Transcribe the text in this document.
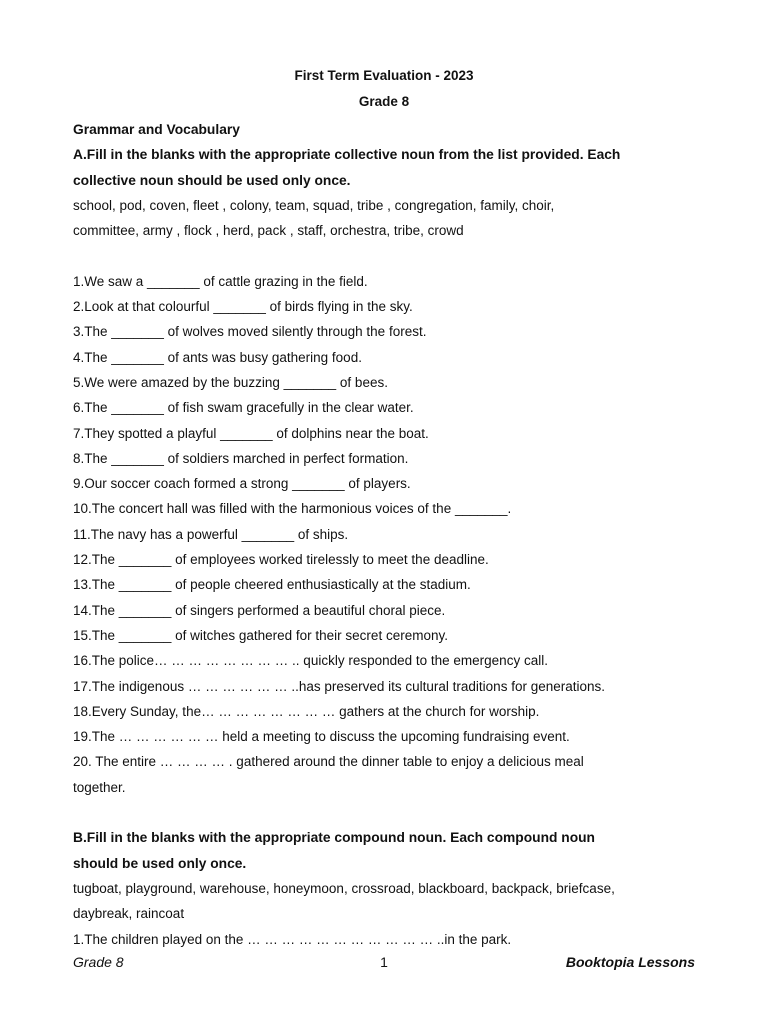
First Term Evaluation - 2023
Grade 8

Grammar and Vocabulary

A.Fill in the blanks with the appropriate collective noun from the list provided. Each

collective noun should be used only once.

school, pod, coven, fleet , colony, team, squad, tribe , congregation, family, choir,

committee, army , flock , herd, pack , staff, orchestra, tribe, crowd

1.We saw a _______ of cattle grazing in the field.

2.Look at that colourful _______ of birds flying in the sky.

3.The _______ of wolves moved silently through the forest.

4.The _______ of ants was busy gathering food.

5.We were amazed by the buzzing _______ of bees.

6.The _______ of fish swam gracefully in the clear water.

7.They spotted a playful _______ of dolphins near the boat.

8.The _______ of soldiers marched in perfect formation.

9.Our soccer coach formed a strong _______ of players.

10.The concert hall was filled with the harmonious voices of the _______.

11.The navy has a powerful _______ of ships.

12.The _______ of employees worked tirelessly to meet the deadline.

13.The _______ of people cheered enthusiastically at the stadium.

14.The _______ of singers performed a beautiful choral piece.

15.The _______ of witches gathered for their secret ceremony.

16.The police… … … … … … … … .. quickly responded to the emergency call.

17.The indigenous … … … … … … ..has preserved its cultural traditions for generations.

18.Every Sunday, the… … … … … … … … gathers at the church for worship.

19.The … … … … … … held a meeting to discuss the upcoming fundraising event.

20. The entire … … … … . gathered around the dinner table to enjoy a delicious meal

together.

B.Fill in the blanks with the appropriate compound noun. Each compound noun

should be used only once.

tugboat, playground, warehouse, honeymoon, crossroad, blackboard, backpack, briefcase,

daybreak, raincoat

1.The children played on the … … … … … … … … … … … ..in the park.

Grade 8	1	Booktopia Lessons
